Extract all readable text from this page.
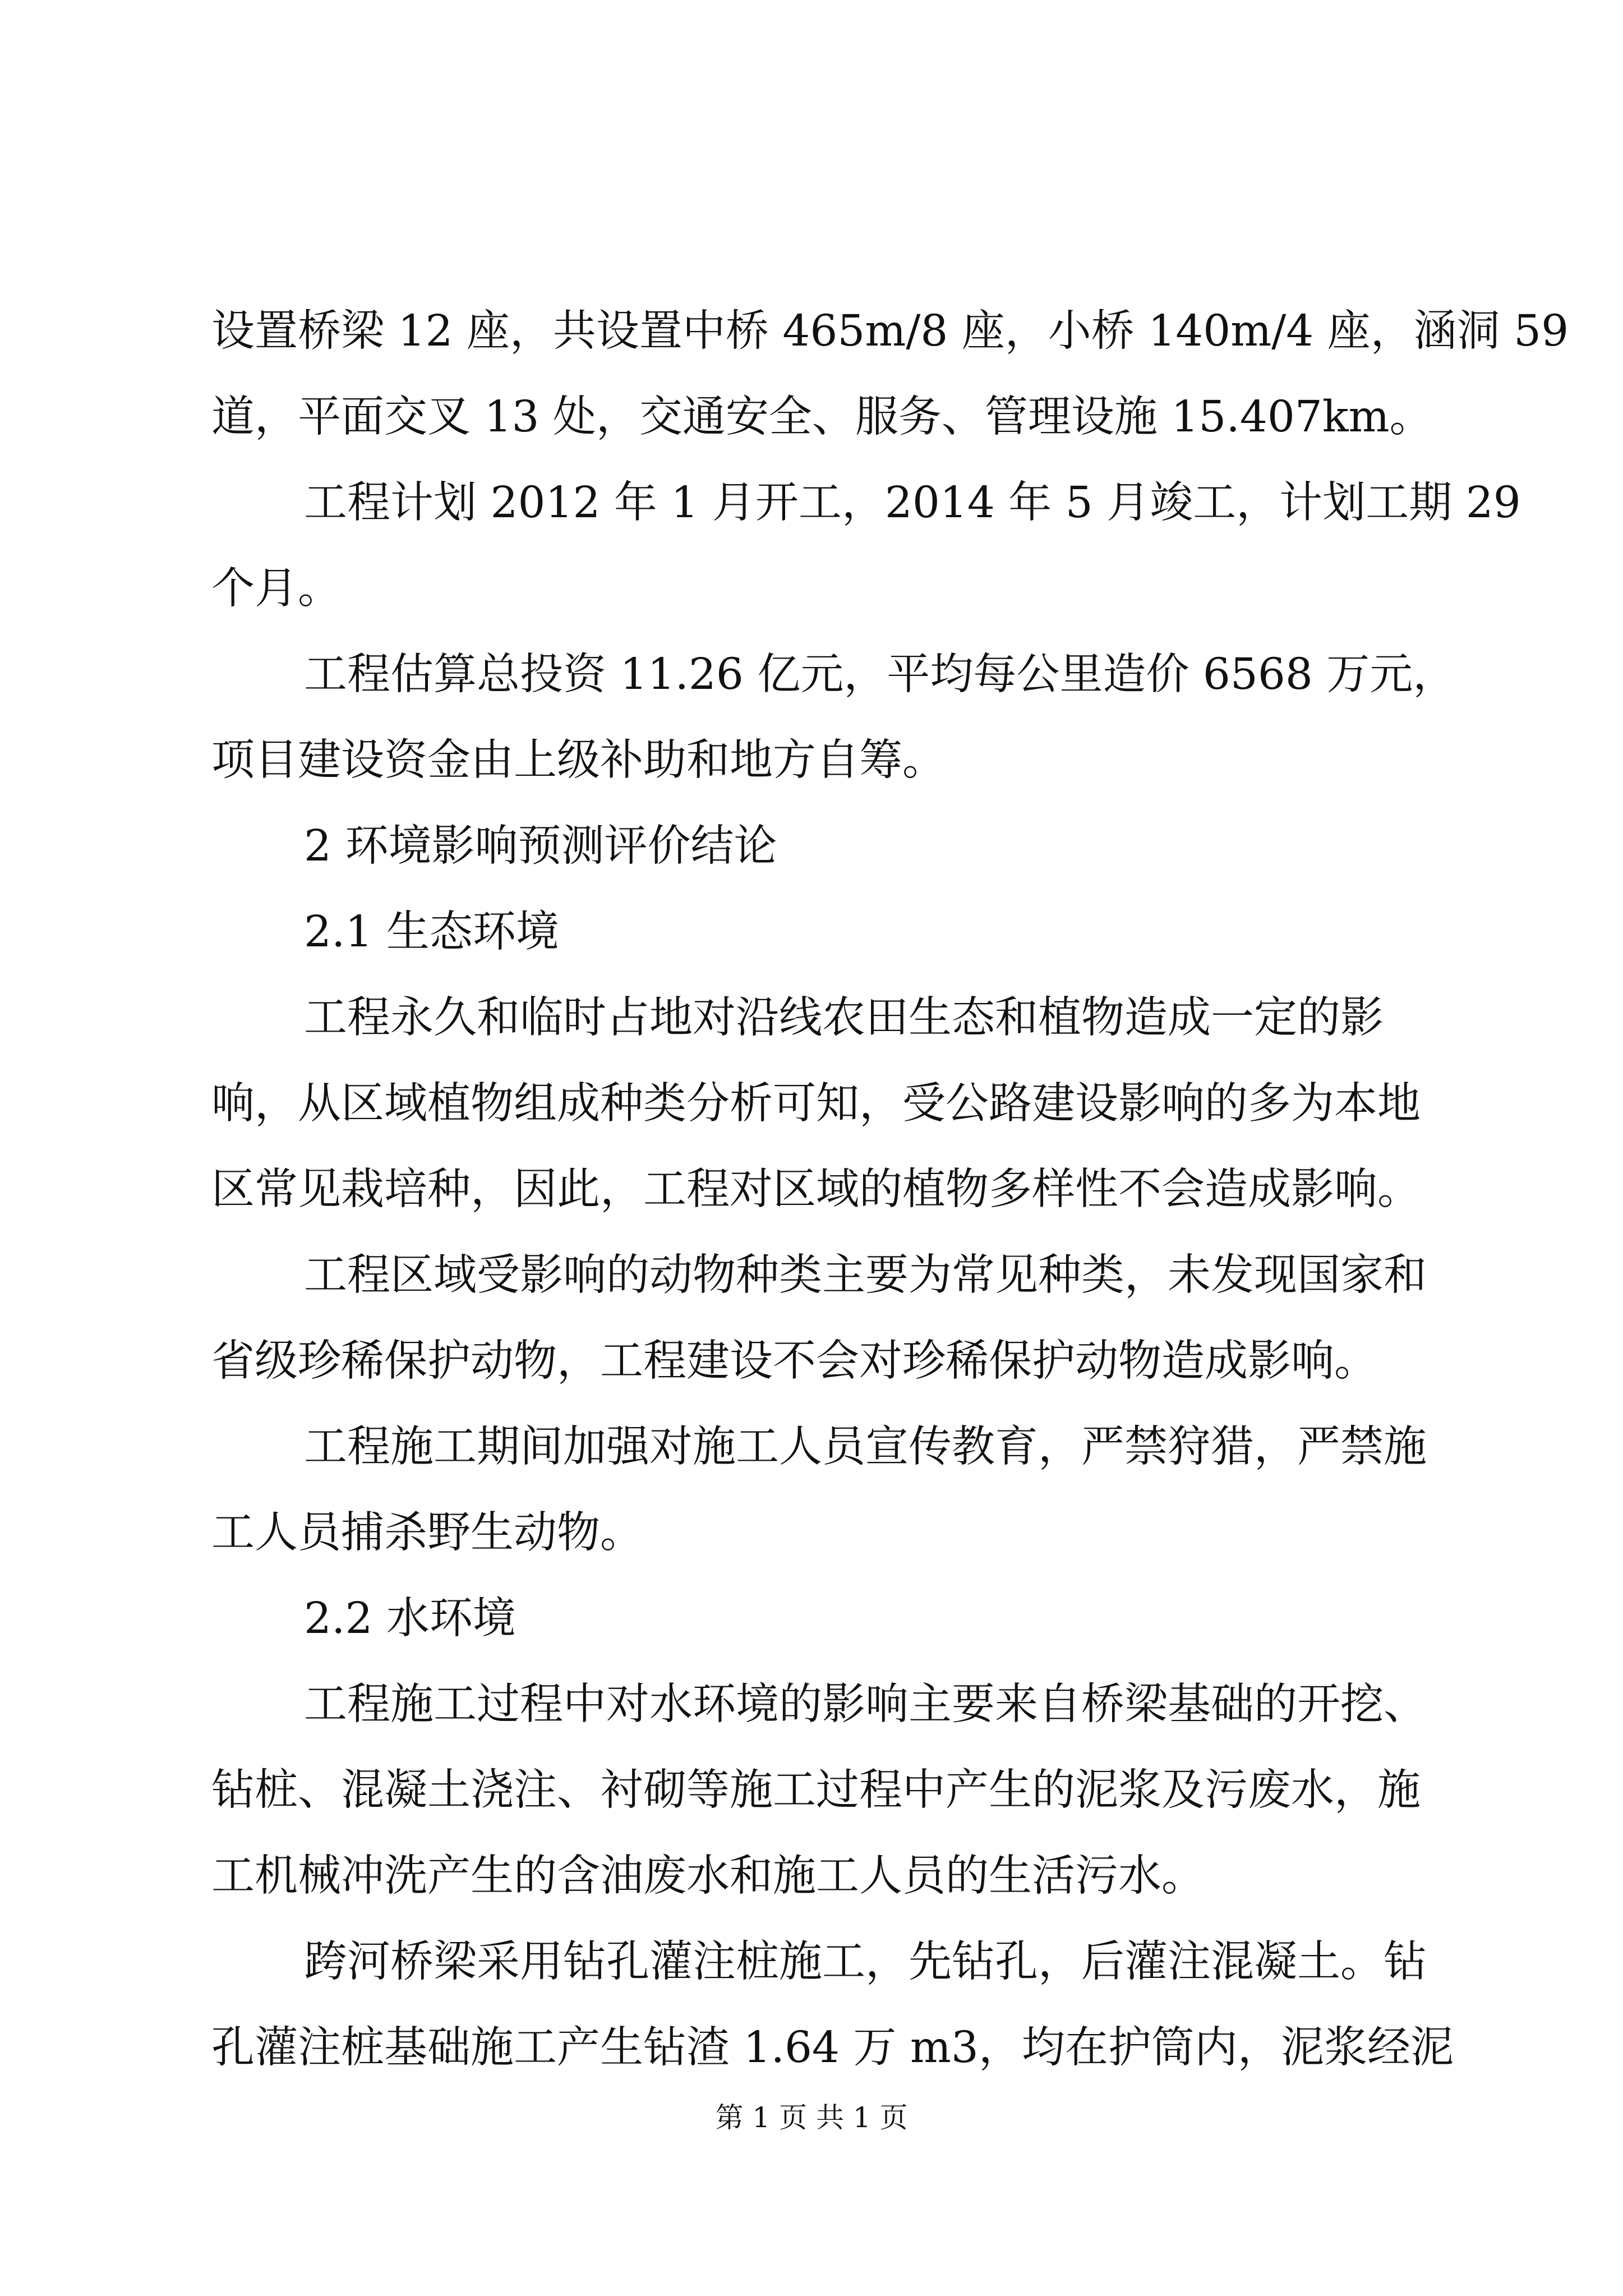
设置桥梁 12 座，共设置中桥 465m/8 座，小桥 140m/4 座，涵洞 59
道，平面交叉 13 处，交通安全、服务、管理设施 15.407km。
工程计划 2012 年 1 月开工，2014 年 5 月竣工，计划工期 29
个月。
工程估算总投资 11.26 亿元，平均每公里造价 6568 万元，
项目建设资金由上级补助和地方自筹。
2 环境影响预测评价结论
2.1 生态环境
工程永久和临时占地对沿线农田生态和植物造成一定的影
响，从区域植物组成种类分析可知，受公路建设影响的多为本地
区常见栽培种，因此，工程对区域的植物多样性不会造成影响。
工程区域受影响的动物种类主要为常见种类，未发现国家和
省级珍稀保护动物，工程建设不会对珍稀保护动物造成影响。
工程施工期间加强对施工人员宣传教育，严禁狩猎，严禁施
工人员捕杀野生动物。
2.2 水环境
工程施工过程中对水环境的影响主要来自桥梁基础的开挖、
钻桩、混凝土浇注、衬砌等施工过程中产生的泥浆及污废水，施
工机械冲洗产生的含油废水和施工人员的生活污水。
跨河桥梁采用钻孔灌注桩施工，先钻孔，后灌注混凝土。钻
孔灌注桩基础施工产生钻渣 1.64 万 m3，均在护筒内，泥浆经泥
第 1 页 共 1 页
